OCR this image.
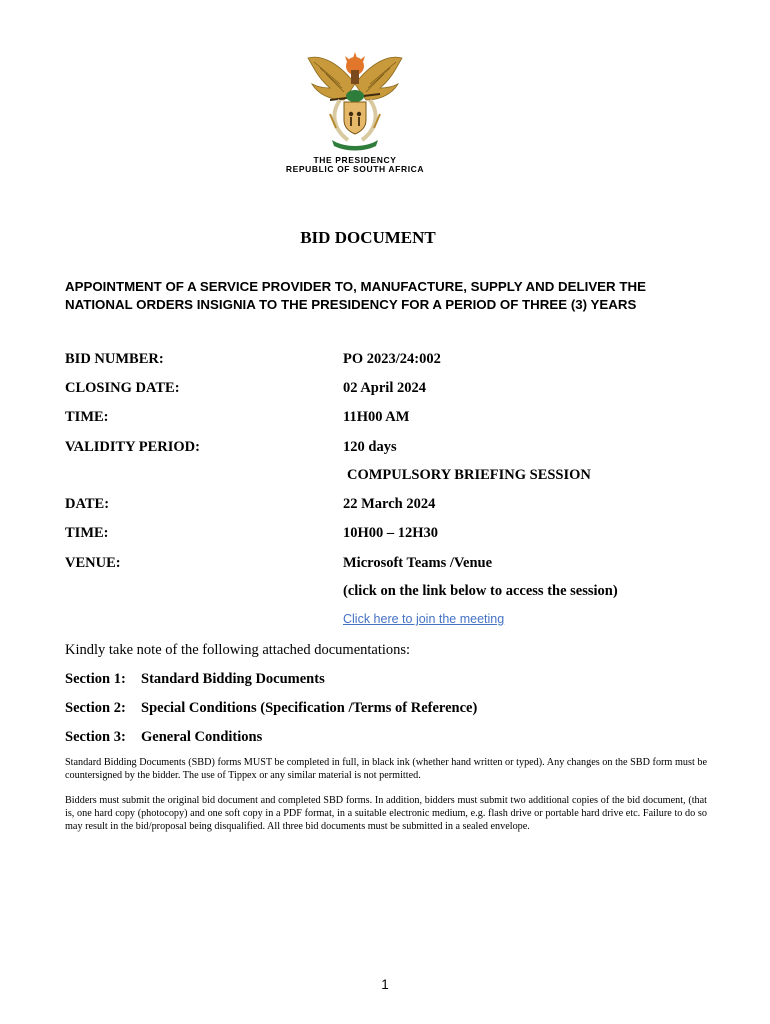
THE PRESIDENCY
REPUBLIC OF SOUTH AFRICA
BID DOCUMENT
APPOINTMENT OF A SERVICE PROVIDER TO, MANUFACTURE, SUPPLY AND DELIVER THE NATIONAL ORDERS INSIGNIA TO THE PRESIDENCY FOR A PERIOD OF THREE (3) YEARS
BID NUMBER:	PO 2023/24:002
CLOSING DATE:	02 April 2024
TIME:	11H00 AM
VALIDITY PERIOD:	120 days
COMPULSORY BRIEFING SESSION
DATE:	22 March 2024
TIME:	10H00 – 12H30
VENUE:	Microsoft Teams /Venue
(click on the link below to access the session)
Click here to join the meeting
Kindly take note of the following attached documentations:
Section 1: Standard Bidding Documents
Section 2: Special Conditions (Specification /Terms of Reference)
Section 3: General Conditions
Standard Bidding Documents (SBD) forms MUST be completed in full, in black ink (whether hand written or typed). Any changes on the SBD form must be countersigned by the bidder. The use of Tippex or any similar material is not permitted.
Bidders must submit the original bid document and completed SBD forms. In addition, bidders must submit two additional copies of the bid document, (that is, one hard copy (photocopy) and one soft copy in a PDF format, in a suitable electronic medium, e.g. flash drive or portable hard drive etc. Failure to do so may result in the bid/proposal being disqualified. All three bid documents must be submitted in a sealed envelope.
1
